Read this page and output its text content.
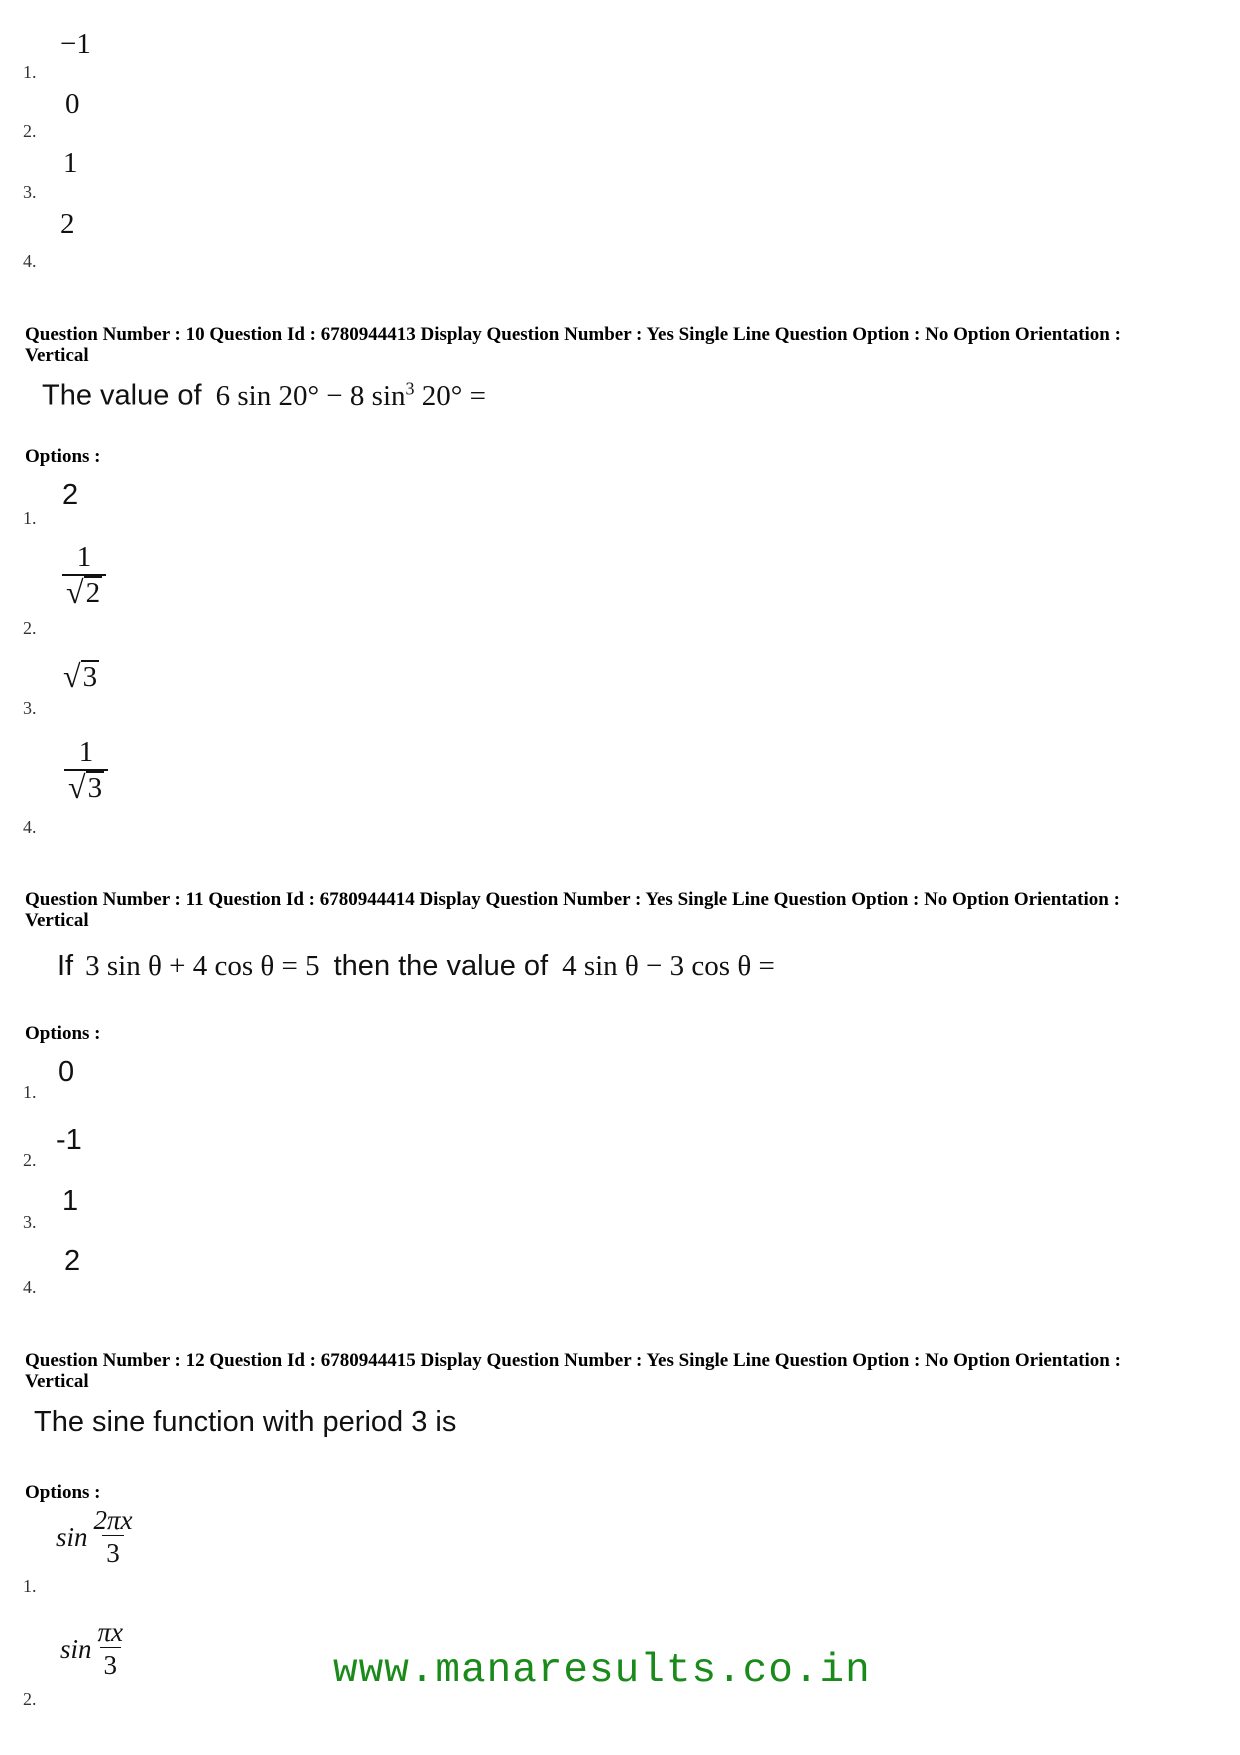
1.
−1
2.
0
3.
1
4.
2
Question Number : 10 Question Id : 6780944413 Display Question Number : Yes Single Line Question Option : No Option Orientation : Vertical
The value of 6 sin 20° − 8 $\sin^3 20^\circ$ =
Options :
1.
2
2.
$\frac{1}{√ 2}$
3.
√ 3
4.
$\frac{1}{√ 3}$
Question Number : 11 Question Id : 6780944414 Display Question Number : Yes Single Line Question Option : No Option Orientation : Vertical
If 3 sin θ + 4 cos θ = 5 then the value of 4 sin θ − 3 cos θ =
Options :
1.
0
2.
-1
3.
1
4.
2
Question Number : 12 Question Id : 6780944415 Display Question Number : Yes Single Line Question Option : No Option Orientation : Vertical
The sine function with period 3 is
Options :
1.
$\sin \frac{2\pi x}{3}$
2.
$\sin \frac{\pi x}{3}$	www.manaresults.co.in
